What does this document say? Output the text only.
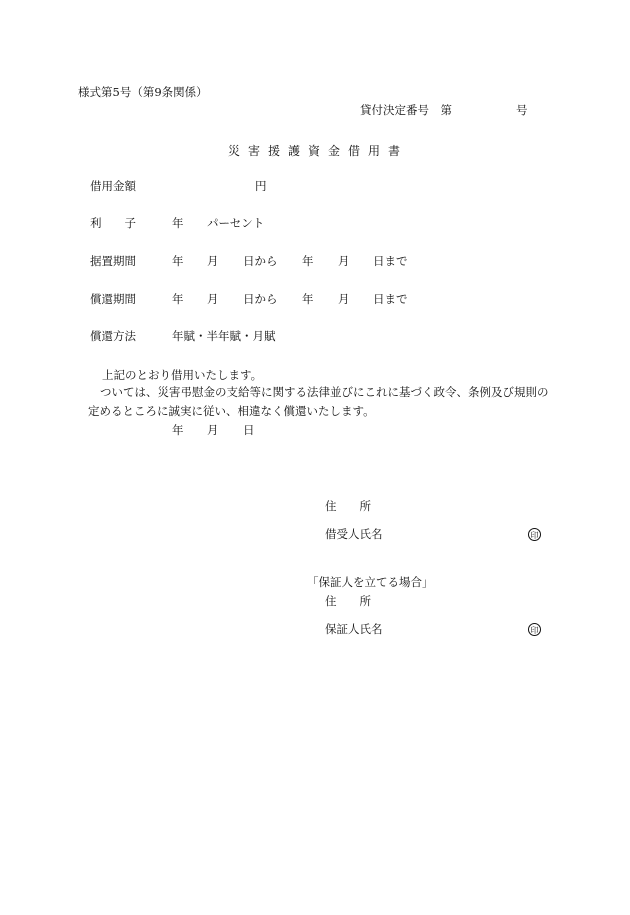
様式第5号（第9条関係）
貸付決定番号　第	号
災害援護資金借用書
借用金額	円
利　　子	年 パーセント
据置期間	年 月 日から 年 月 日まで
償還期間	年 月 日から 年 月 日まで
償還方法	年賦・半年賦・月賦
上記のとおり借用いたします。
ついては、災害弔慰金の支給等に関する法律並びにこれに基づく政令、条例及び規則の定めるところに誠実に従い、相違なく償還いたします。
年 月 日
住　　所
借受人氏名	印
「保証人を立てる場合」
住　　所
保証人氏名	印
